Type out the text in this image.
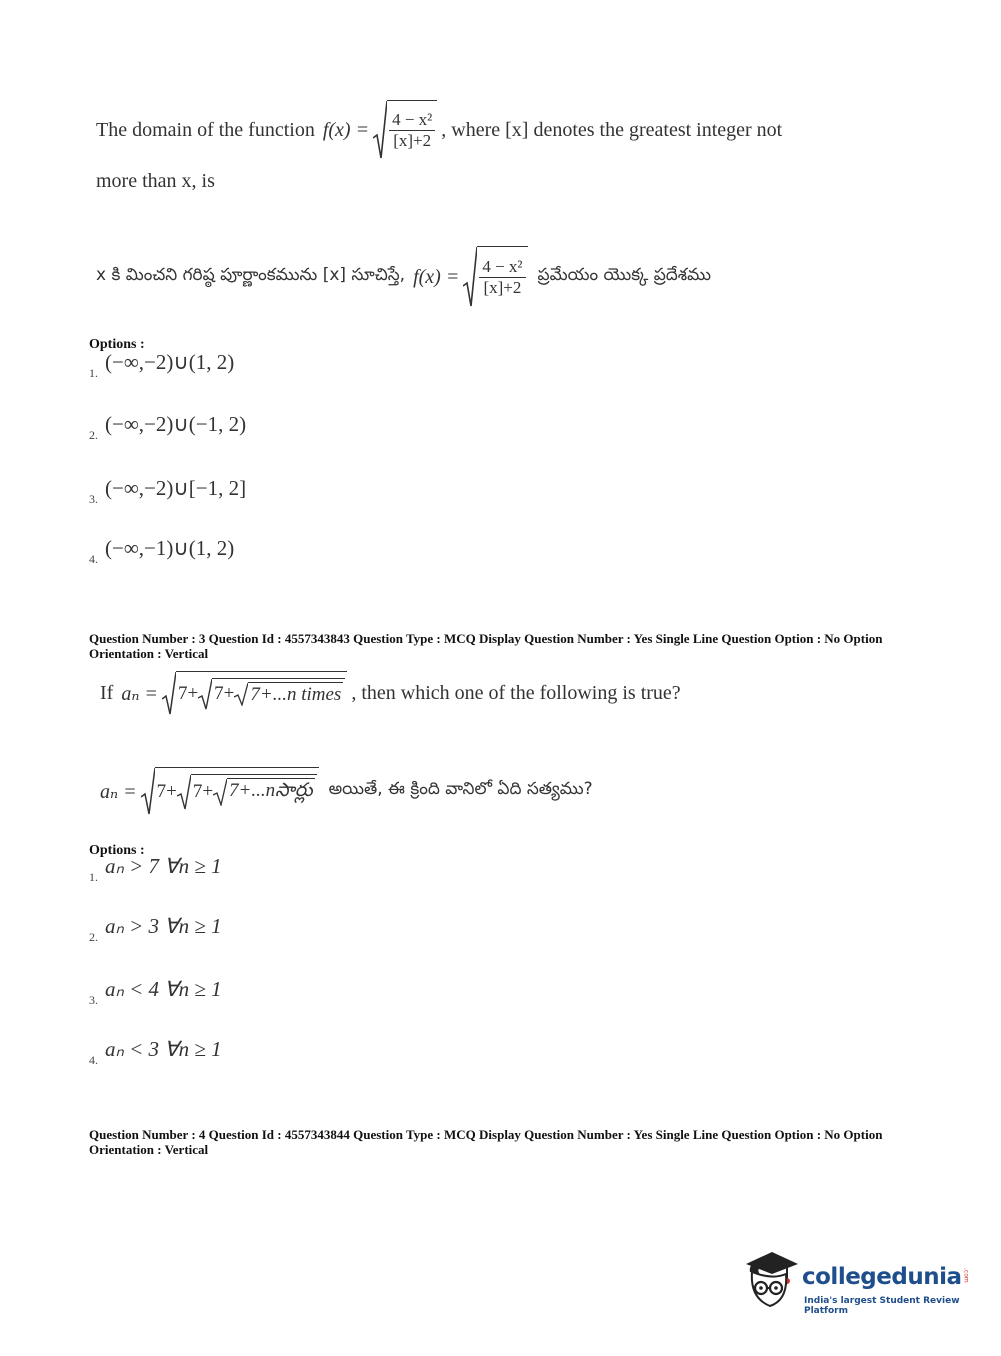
The domain of the function $f(x) = \frac{\text{4 − x²}}{[x]+2}$ , where [x] denotes the greatest integer not
more than x, is
x కి మించని గరిష్ఠ పూర్ణాంకమును [x] సూచిస్తే, $f(x) = \frac{\text{4 − x²}}{[x]+2}$ ప్రమేయం యొక్క ప్రదేశము
Options :
1. (−∞,−2)∪(1, 2)
2. (−∞,−2)∪(−1, 2)
3. (−∞,−2)∪[−1, 2]
4. (−∞,−1)∪(1, 2)
Question Number : 3 Question Id : 4557343843 Question Type : MCQ Display Question Number : Yes Single Line Question Option : No Option Orientation : Vertical
If aₙ = 7+ 7+ 7+...n times , then which one of the following is true?
aₙ = 7+ 7+ 7+...nసార్లు అయితే, ఈ క్రింది వానిలో ఏది సత్యము?
Options :
1. aₙ > 7 ∀n ≥ 1
2. aₙ > 3 ∀n ≥ 1
3. aₙ < 4 ∀n ≥ 1
4. aₙ < 3 ∀n ≥ 1
Question Number : 4 Question Id : 4557343844 Question Type : MCQ Display Question Number : Yes Single Line Question Option : No Option Orientation : Vertical
collegedunia .com
India's largest Student Review Platform
